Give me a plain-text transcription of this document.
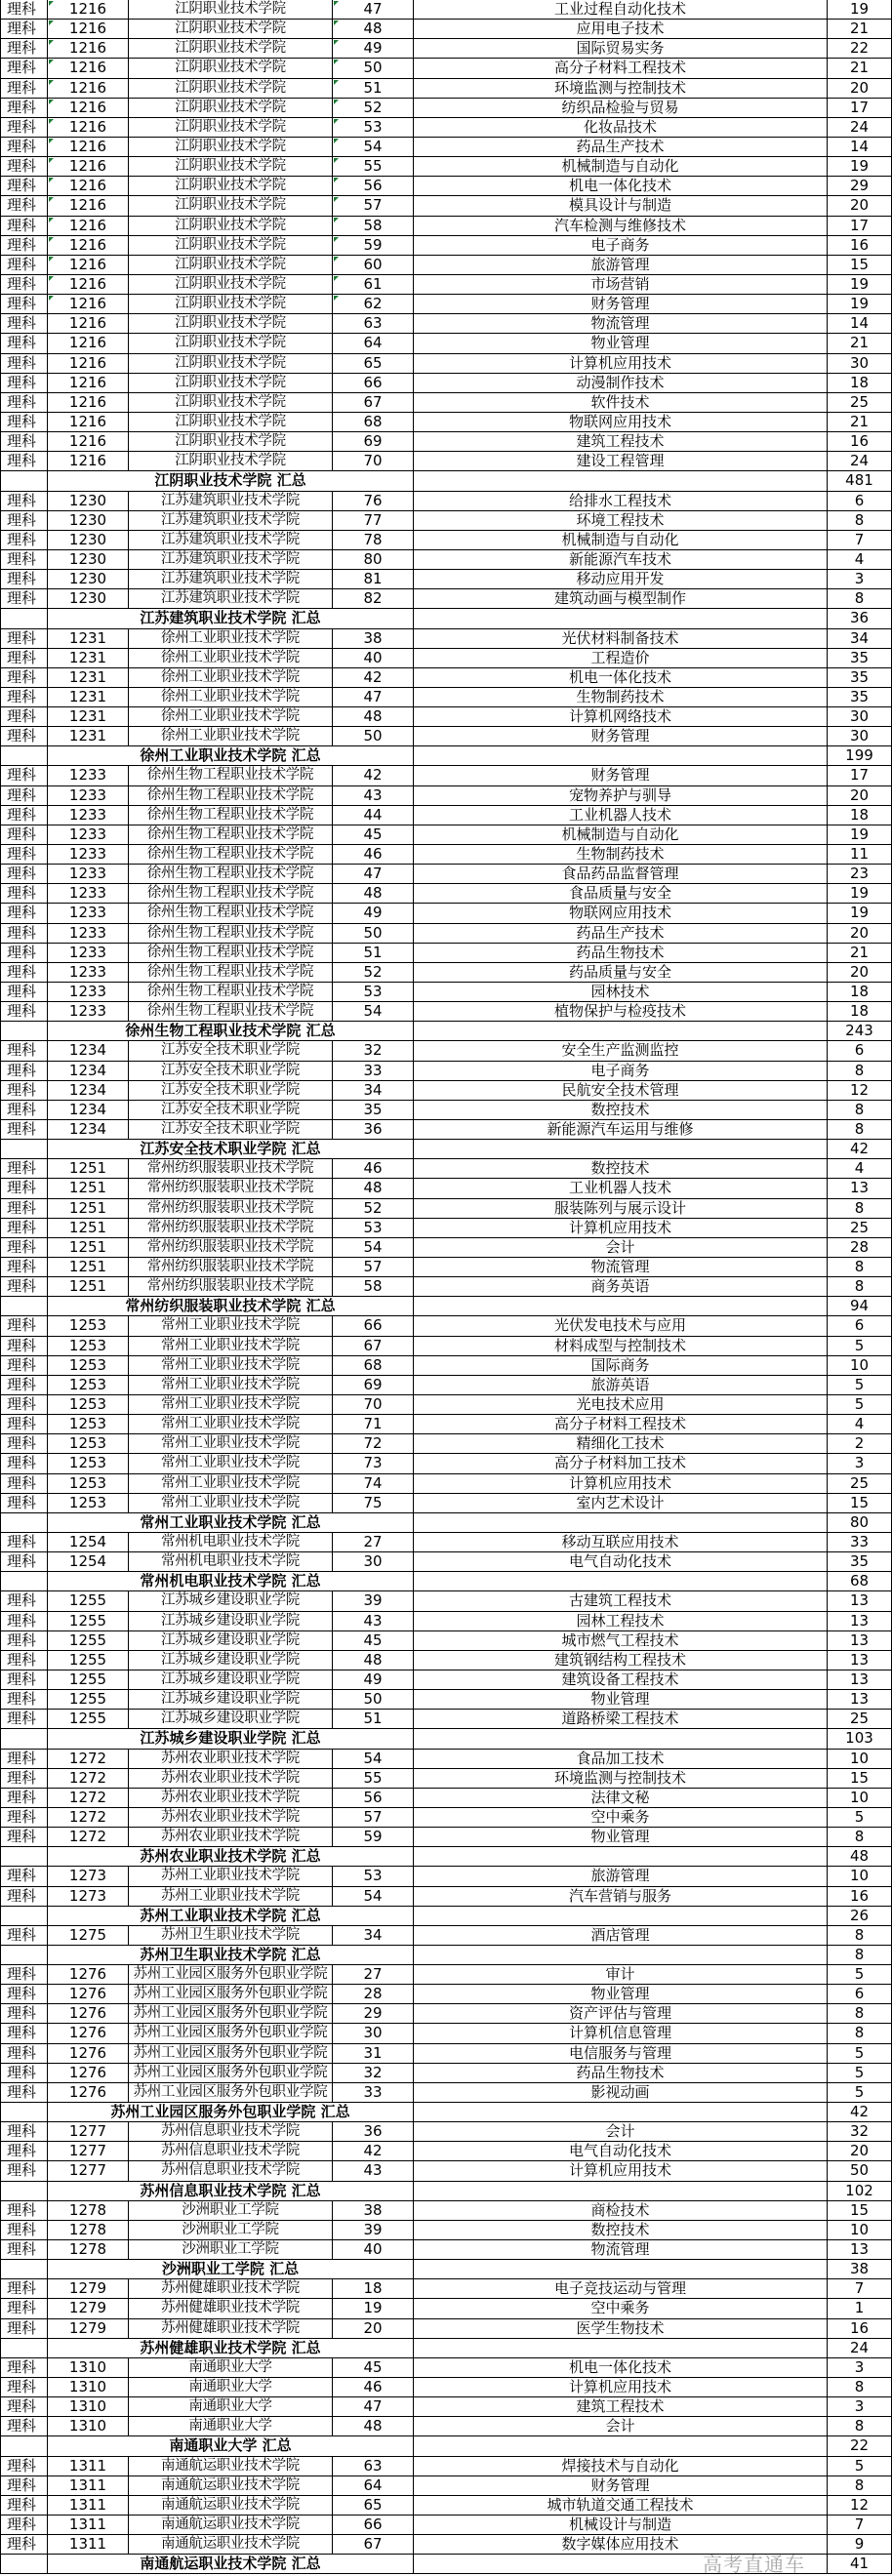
理科	1216	江阴职业技术学院	47	工业过程自动化技术	19
理科	1216	江阴职业技术学院	48	应用电子技术	21
理科	1216	江阴职业技术学院	49	国际贸易实务	22
理科	1216	江阴职业技术学院	50	高分子材料工程技术	21
理科	1216	江阴职业技术学院	51	环境监测与控制技术	20
理科	1216	江阴职业技术学院	52	纺织品检验与贸易	17
理科	1216	江阴职业技术学院	53	化妆品技术	24
理科	1216	江阴职业技术学院	54	药品生产技术	14
理科	1216	江阴职业技术学院	55	机械制造与自动化	19
理科	1216	江阴职业技术学院	56	机电一体化技术	29
理科	1216	江阴职业技术学院	57	模具设计与制造	20
理科	1216	江阴职业技术学院	58	汽车检测与维修技术	17
理科	1216	江阴职业技术学院	59	电子商务	16
理科	1216	江阴职业技术学院	60	旅游管理	15
理科	1216	江阴职业技术学院	61	市场营销	19
理科	1216	江阴职业技术学院	62	财务管理	19
理科	1216	江阴职业技术学院	63	物流管理	14
理科	1216	江阴职业技术学院	64	物业管理	21
理科	1216	江阴职业技术学院	65	计算机应用技术	30
理科	1216	江阴职业技术学院	66	动漫制作技术	18
理科	1216	江阴职业技术学院	67	软件技术	25
理科	1216	江阴职业技术学院	68	物联网应用技术	21
理科	1216	江阴职业技术学院	69	建筑工程技术	16
理科	1216	江阴职业技术学院	70	建设工程管理	24
江阴职业技术学院 汇总	481
理科	1230	江苏建筑职业技术学院	76	给排水工程技术	6
理科	1230	江苏建筑职业技术学院	77	环境工程技术	8
理科	1230	江苏建筑职业技术学院	78	机械制造与自动化	7
理科	1230	江苏建筑职业技术学院	80	新能源汽车技术	4
理科	1230	江苏建筑职业技术学院	81	移动应用开发	3
理科	1230	江苏建筑职业技术学院	82	建筑动画与模型制作	8
江苏建筑职业技术学院 汇总	36
理科	1231	徐州工业职业技术学院	38	光伏材料制备技术	34
理科	1231	徐州工业职业技术学院	40	工程造价	35
理科	1231	徐州工业职业技术学院	42	机电一体化技术	35
理科	1231	徐州工业职业技术学院	47	生物制药技术	35
理科	1231	徐州工业职业技术学院	48	计算机网络技术	30
理科	1231	徐州工业职业技术学院	50	财务管理	30
徐州工业职业技术学院 汇总	199
理科	1233	徐州生物工程职业技术学院	42	财务管理	17
理科	1233	徐州生物工程职业技术学院	43	宠物养护与驯导	20
理科	1233	徐州生物工程职业技术学院	44	工业机器人技术	18
理科	1233	徐州生物工程职业技术学院	45	机械制造与自动化	19
理科	1233	徐州生物工程职业技术学院	46	生物制药技术	11
理科	1233	徐州生物工程职业技术学院	47	食品药品监督管理	23
理科	1233	徐州生物工程职业技术学院	48	食品质量与安全	19
理科	1233	徐州生物工程职业技术学院	49	物联网应用技术	19
理科	1233	徐州生物工程职业技术学院	50	药品生产技术	20
理科	1233	徐州生物工程职业技术学院	51	药品生物技术	21
理科	1233	徐州生物工程职业技术学院	52	药品质量与安全	20
理科	1233	徐州生物工程职业技术学院	53	园林技术	18
理科	1233	徐州生物工程职业技术学院	54	植物保护与检疫技术	18
徐州生物工程职业技术学院 汇总	243
理科	1234	江苏安全技术职业学院	32	安全生产监测监控	6
理科	1234	江苏安全技术职业学院	33	电子商务	8
理科	1234	江苏安全技术职业学院	34	民航安全技术管理	12
理科	1234	江苏安全技术职业学院	35	数控技术	8
理科	1234	江苏安全技术职业学院	36	新能源汽车运用与维修	8
江苏安全技术职业学院 汇总	42
理科	1251	常州纺织服装职业技术学院	46	数控技术	4
理科	1251	常州纺织服装职业技术学院	48	工业机器人技术	13
理科	1251	常州纺织服装职业技术学院	52	服装陈列与展示设计	8
理科	1251	常州纺织服装职业技术学院	53	计算机应用技术	25
理科	1251	常州纺织服装职业技术学院	54	会计	28
理科	1251	常州纺织服装职业技术学院	57	物流管理	8
理科	1251	常州纺织服装职业技术学院	58	商务英语	8
常州纺织服装职业技术学院 汇总	94
理科	1253	常州工业职业技术学院	66	光伏发电技术与应用	6
理科	1253	常州工业职业技术学院	67	材料成型与控制技术	5
理科	1253	常州工业职业技术学院	68	国际商务	10
理科	1253	常州工业职业技术学院	69	旅游英语	5
理科	1253	常州工业职业技术学院	70	光电技术应用	5
理科	1253	常州工业职业技术学院	71	高分子材料工程技术	4
理科	1253	常州工业职业技术学院	72	精细化工技术	2
理科	1253	常州工业职业技术学院	73	高分子材料加工技术	3
理科	1253	常州工业职业技术学院	74	计算机应用技术	25
理科	1253	常州工业职业技术学院	75	室内艺术设计	15
常州工业职业技术学院 汇总	80
理科	1254	常州机电职业技术学院	27	移动互联应用技术	33
理科	1254	常州机电职业技术学院	30	电气自动化技术	35
常州机电职业技术学院 汇总	68
理科	1255	江苏城乡建设职业学院	39	古建筑工程技术	13
理科	1255	江苏城乡建设职业学院	43	园林工程技术	13
理科	1255	江苏城乡建设职业学院	45	城市燃气工程技术	13
理科	1255	江苏城乡建设职业学院	48	建筑钢结构工程技术	13
理科	1255	江苏城乡建设职业学院	49	建筑设备工程技术	13
理科	1255	江苏城乡建设职业学院	50	物业管理	13
理科	1255	江苏城乡建设职业学院	51	道路桥梁工程技术	25
江苏城乡建设职业学院 汇总	103
理科	1272	苏州农业职业技术学院	54	食品加工技术	10
理科	1272	苏州农业职业技术学院	55	环境监测与控制技术	15
理科	1272	苏州农业职业技术学院	56	法律文秘	10
理科	1272	苏州农业职业技术学院	57	空中乘务	5
理科	1272	苏州农业职业技术学院	59	物业管理	8
苏州农业职业技术学院 汇总	48
理科	1273	苏州工业职业技术学院	53	旅游管理	10
理科	1273	苏州工业职业技术学院	54	汽车营销与服务	16
苏州工业职业技术学院 汇总	26
理科	1275	苏州卫生职业技术学院	34	酒店管理	8
苏州卫生职业技术学院 汇总	8
理科	1276	苏州工业园区服务外包职业学院	27	审计	5
理科	1276	苏州工业园区服务外包职业学院	28	物业管理	6
理科	1276	苏州工业园区服务外包职业学院	29	资产评估与管理	8
理科	1276	苏州工业园区服务外包职业学院	30	计算机信息管理	8
理科	1276	苏州工业园区服务外包职业学院	31	电信服务与管理	5
理科	1276	苏州工业园区服务外包职业学院	32	药品生物技术	5
理科	1276	苏州工业园区服务外包职业学院	33	影视动画	5
苏州工业园区服务外包职业学院 汇总	42
理科	1277	苏州信息职业技术学院	36	会计	32
理科	1277	苏州信息职业技术学院	42	电气自动化技术	20
理科	1277	苏州信息职业技术学院	43	计算机应用技术	50
苏州信息职业技术学院 汇总	102
理科	1278	沙洲职业工学院	38	商检技术	15
理科	1278	沙洲职业工学院	39	数控技术	10
理科	1278	沙洲职业工学院	40	物流管理	13
沙洲职业工学院 汇总	38
理科	1279	苏州健雄职业技术学院	18	电子竞技运动与管理	7
理科	1279	苏州健雄职业技术学院	19	空中乘务	1
理科	1279	苏州健雄职业技术学院	20	医学生物技术	16
苏州健雄职业技术学院 汇总	24
理科	1310	南通职业大学	45	机电一体化技术	3
理科	1310	南通职业大学	46	计算机应用技术	8
理科	1310	南通职业大学	47	建筑工程技术	3
理科	1310	南通职业大学	48	会计	8
南通职业大学 汇总	22
理科	1311	南通航运职业技术学院	63	焊接技术与自动化	5
理科	1311	南通航运职业技术学院	64	财务管理	8
理科	1311	南通航运职业技术学院	65	城市轨道交通工程技术	12
理科	1311	南通航运职业技术学院	66	机械设计与制造	7
理科	1311	南通航运职业技术学院	67	数字媒体应用技术	9
南通航运职业技术学院 汇总	41
高考直通车
